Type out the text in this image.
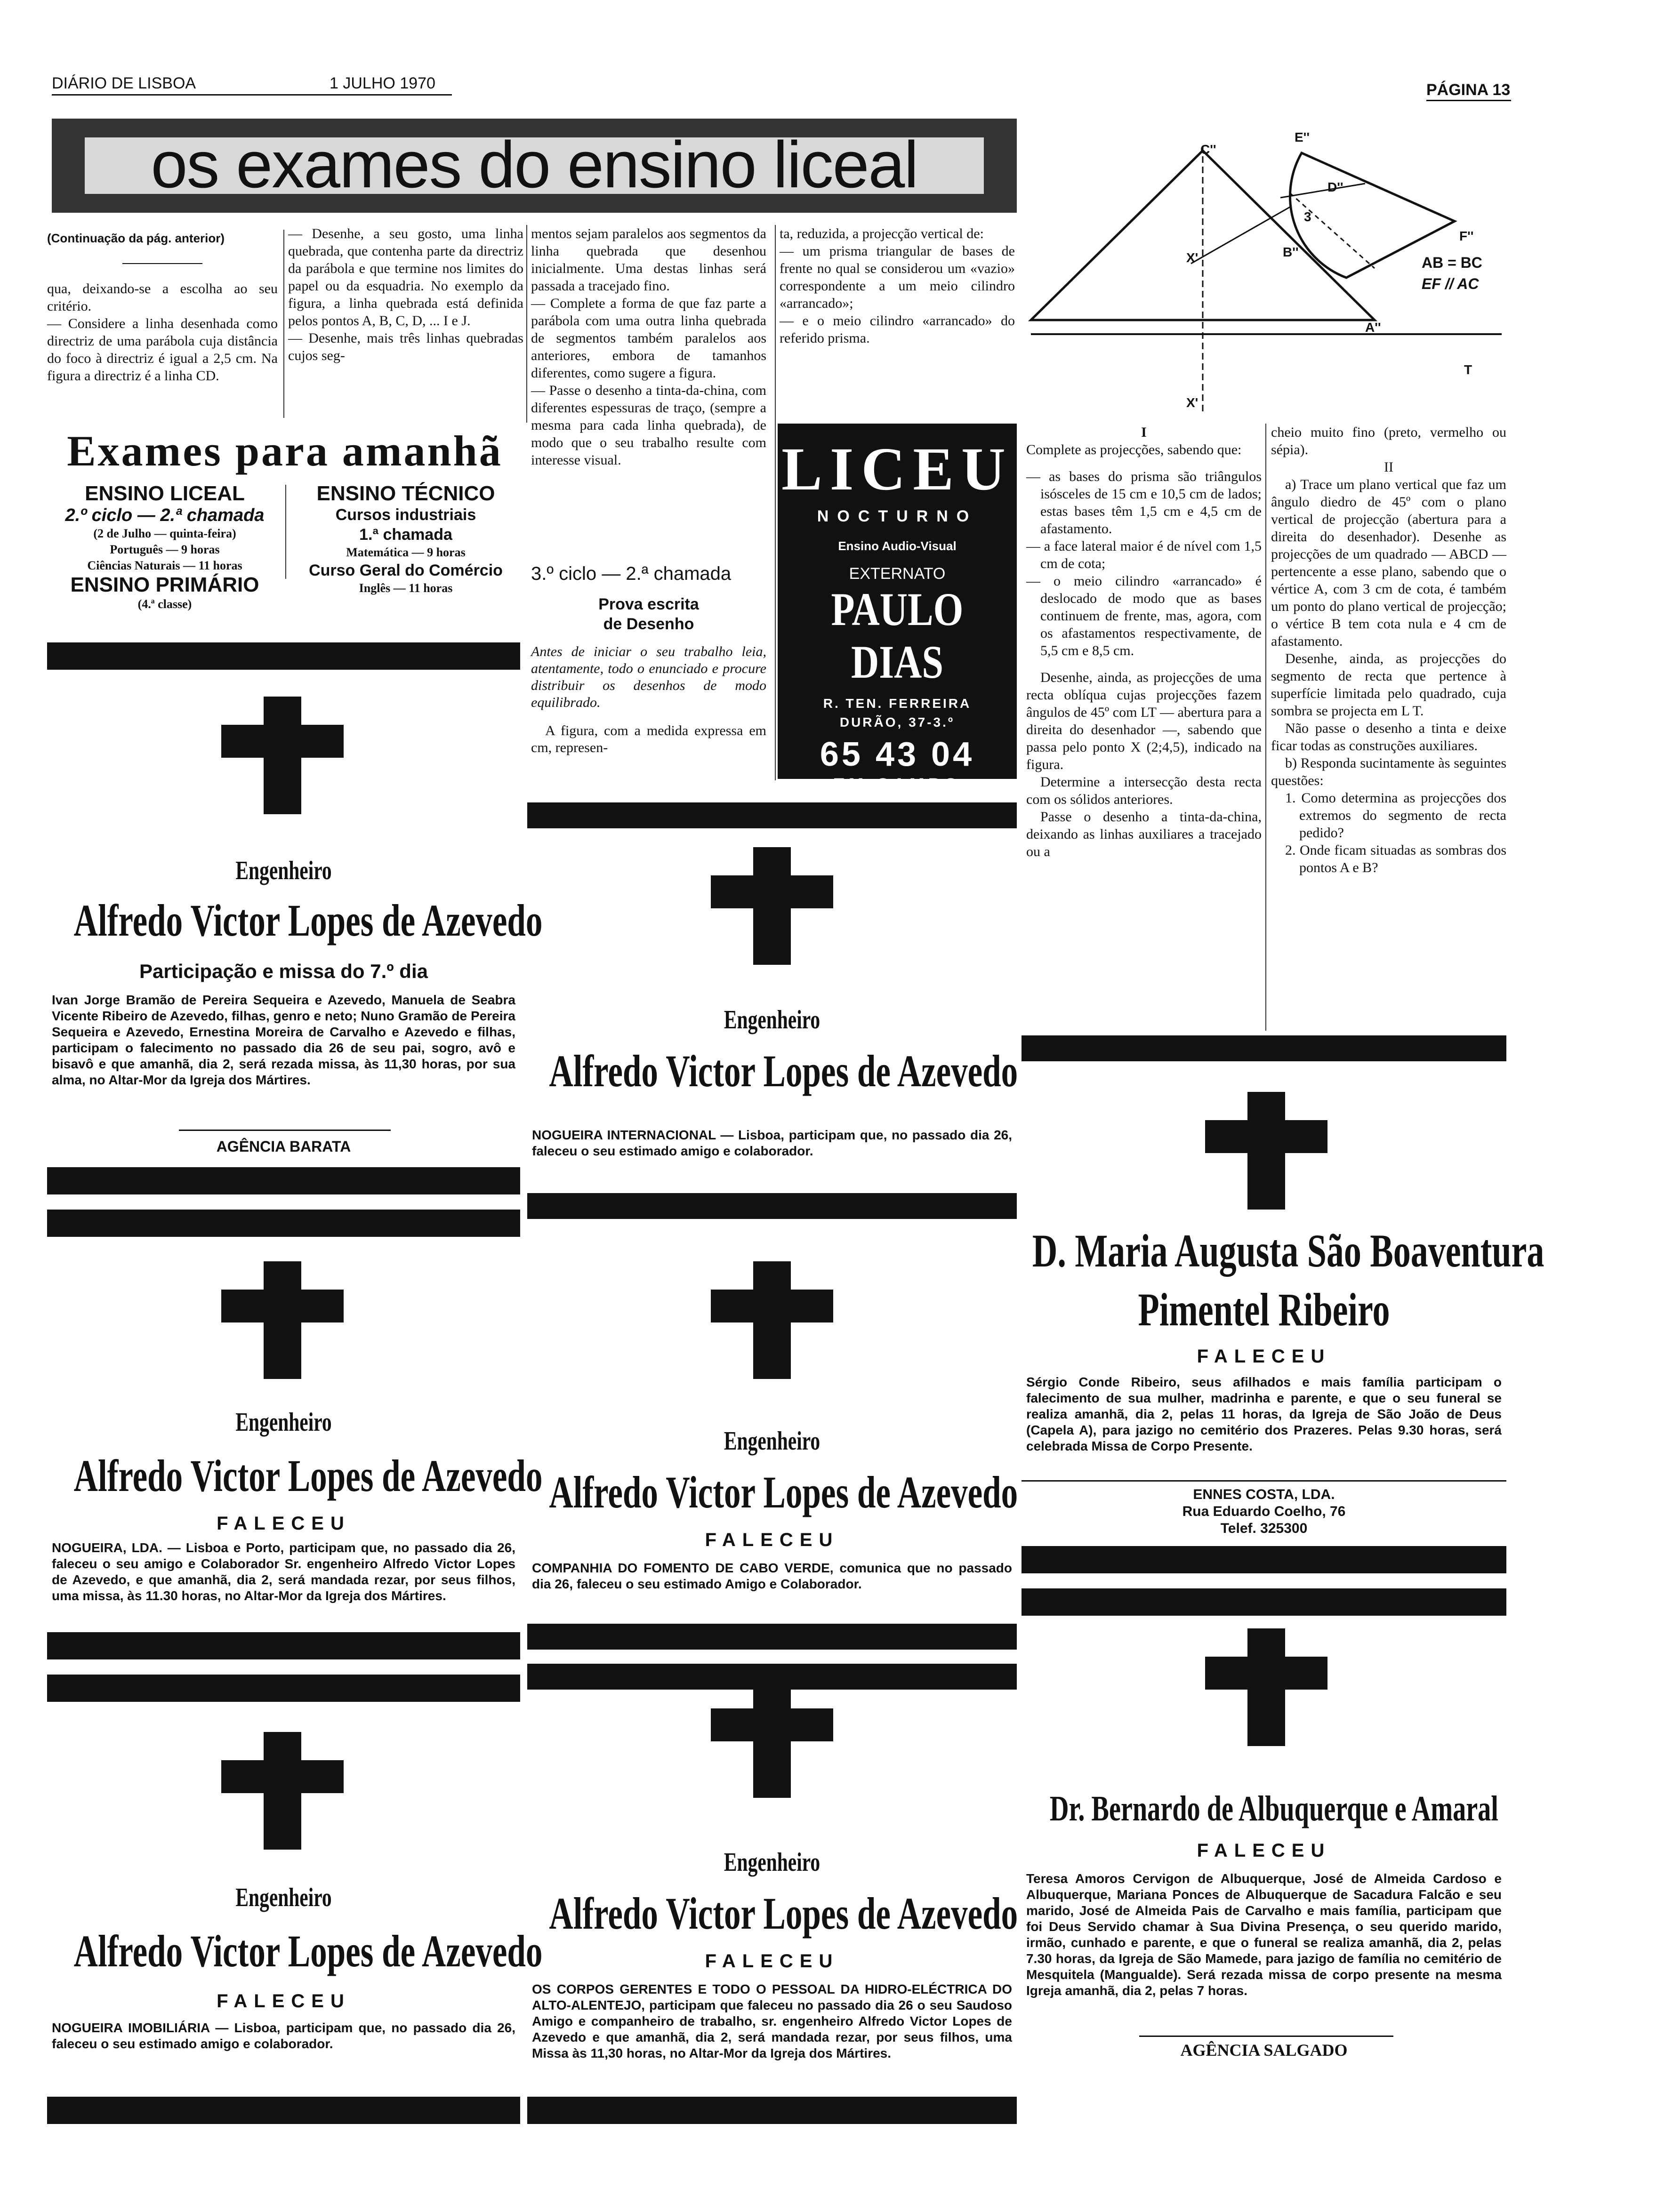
DIÁRIO DE LISBOA	1 JULHO 1970	PÁGINA 13
os exames do ensino liceal

(Continuação da pág. anterior)

qua, deixando-se a escolha ao seu critério.

— Considere a linha desenhada como directriz de uma parábola cuja distância do foco à directriz é igual a 2,5 cm. Na figura a directriz é a linha CD.

— Desenhe, a seu gosto, uma linha quebrada, que contenha parte da directriz da parábola e que termine nos limites do papel ou da esquadria. No exemplo da figura, a linha quebrada está definida pelos pontos A, B, C, D, ... I e J.

— Desenhe, mais três linhas quebradas cujos seg-

mentos sejam paralelos aos segmentos da linha quebrada que desenhou inicialmente. Uma destas linhas será passada a tracejado fino.

— Complete a forma de que faz parte a parábola com uma outra linha quebrada de segmentos também paralelos aos anteriores, embora de tamanhos diferentes, como sugere a figura.

— Passe o desenho a tinta-da-china, com diferentes espessuras de traço, (sempre a mesma para cada linha quebrada), de modo que o seu trabalho resulte com interesse visual.

ta, reduzida, a projecção vertical de:

— um prisma triangular de bases de frente no qual se considerou um «vazio» correspondente a um meio cilindro «arrancado»;

— e o meio cilindro «arrancado» do referido prisma.

Exames para amanhã
ENSINO LICEAL
2.º ciclo — 2.ª chamada
(2 de Julho — quinta-feira)
Português — 9 horas
Ciências Naturais — 11 horas
ENSINO PRIMÁRIO
(4.ª classe)
ENSINO TÉCNICO
Cursos industriais
1.ª chamada
Matemática — 9 horas
Curso Geral do Comércio
Inglês — 11 horas
3.º ciclo — 2.ª chamada
Prova escrita
de Desenho
Antes de iniciar o seu trabalho leia, atentamente, todo o enunciado e procure distribuir os desenhos de modo equilibrado.
A figura, com a medida expressa em cm, represen-
LICEU
NOCTURNO
Ensino Audio-Visual
EXTERNATO
PAULO DIAS
R. TEN. FERREIRA
DURÃO, 37-3.º
65 43 04
EM CAMPO
C''
E''
D''
F''
B''
A''
X'
X'
3
T
AB = BC
EF // AC

I

Complete as projecções, sabendo que:

— as bases do prisma são triângulos isósceles de 15 cm e 10,5 cm de lados; estas bases têm 1,5 cm e 4,5 cm de afastamento.

— a face lateral maior é de nível com 1,5 cm de cota;

— o meio cilindro «arrancado» é deslocado de modo que as bases continuem de frente, mas, agora, com os afastamentos respectivamente, de 5,5 cm e 8,5 cm.

Desenhe, ainda, as projecções de uma recta oblíqua cujas projecções fazem ângulos de 45º com LT — abertura para a direita do desenhador —, sabendo que passa pelo ponto X (2;4,5), indicado na figura.

Determine a intersecção desta recta com os sólidos anteriores.

Passe o desenho a tinta-da-china, deixando as linhas auxiliares a tracejado ou a

cheio muito fino (preto, vermelho ou sépia).

II

a) Trace um plano vertical que faz um ângulo diedro de 45º com o plano vertical de projecção (abertura para a direita do desenhador). Desenhe as projecções de um quadrado — ABCD — pertencente a esse plano, sabendo que o vértice A, com 3 cm de cota, é também um ponto do plano vertical de projecção; o vértice B tem cota nula e 4 cm de afastamento.

Desenhe, ainda, as projecções do segmento de recta que pertence à superfície limitada pelo quadrado, cuja sombra se projecta em L T.

Não passe o desenho a tinta e deixe ficar todas as construções auxiliares.

b) Responda sucintamente às seguintes questões:

1. Como determina as projecções dos extremos do segmento de recta pedido?

2. Onde ficam situadas as sombras dos pontos A e B?

Engenheiro
Alfredo Victor Lopes de Azevedo
Participação e missa do 7.º dia
Ivan Jorge Bramão de Pereira Sequeira e Azevedo, Manuela de Seabra Vicente Ribeiro de Azevedo, filhas, genro e neto; Nuno Gramão de Pereira Sequeira e Azevedo, Ernestina Moreira de Carvalho e Azevedo e filhas, participam o falecimento no passado dia 26 de seu pai, sogro, avô e bisavô e que amanhã, dia 2, será rezada missa, às 11,30 horas, por sua alma, no Altar-Mor da Igreja dos Mártires.
AGÊNCIA BARATA
Engenheiro
Alfredo Victor Lopes de Azevedo
FALECEU
NOGUEIRA, LDA. — Lisboa e Porto, participam que, no passado dia 26, faleceu o seu amigo e Colaborador Sr. engenheiro Alfredo Victor Lopes de Azevedo, e que amanhã, dia 2, será mandada rezar, por seus filhos, uma missa, às 11.30 horas, no Altar-Mor da Igreja dos Mártires.
Engenheiro
Alfredo Victor Lopes de Azevedo
FALECEU
NOGUEIRA IMOBILIÁRIA — Lisboa, participam que, no passado dia 26, faleceu o seu estimado amigo e colaborador.
Engenheiro
Alfredo Victor Lopes de Azevedo
NOGUEIRA INTERNACIONAL — Lisboa, participam que, no passado dia 26, faleceu o seu estimado amigo e colaborador.
Engenheiro
Alfredo Victor Lopes de Azevedo
FALECEU
COMPANHIA DO FOMENTO DE CABO VERDE, comunica que no passado dia 26, faleceu o seu estimado Amigo e Colaborador.
Engenheiro
Alfredo Victor Lopes de Azevedo
FALECEU
OS CORPOS GERENTES E TODO O PESSOAL DA HIDRO-ELÉCTRICA DO ALTO-ALENTEJO, participam que faleceu no passado dia 26 o seu Saudoso Amigo e companheiro de trabalho, sr. engenheiro Alfredo Victor Lopes de Azevedo e que amanhã, dia 2, será mandada rezar, por seus filhos, uma Missa às 11,30 horas, no Altar-Mor da Igreja dos Mártires.
D. Maria Augusta São Boaventura
Pimentel Ribeiro
FALECEU
Sérgio Conde Ribeiro, seus afilhados e mais família participam o falecimento de sua mulher, madrinha e parente, e que o seu funeral se realiza amanhã, dia 2, pelas 11 horas, da Igreja de São João de Deus (Capela A), para jazigo no cemitério dos Prazeres. Pelas 9.30 horas, será celebrada Missa de Corpo Presente.
ENNES COSTA, LDA.
Rua Eduardo Coelho, 76
Telef. 325300
Dr. Bernardo de Albuquerque e Amaral
FALECEU
Teresa Amoros Cervigon de Albuquerque, José de Almeida Cardoso e Albuquerque, Mariana Ponces de Albuquerque de Sacadura Falcão e seu marido, José de Almeida Pais de Carvalho e mais família, participam que foi Deus Servido chamar à Sua Divina Presença, o seu querido marido, irmão, cunhado e parente, e que o funeral se realiza amanhã, dia 2, pelas 7.30 horas, da Igreja de São Mamede, para jazigo de família no cemitério de Mesquitela (Mangualde). Será rezada missa de corpo presente na mesma Igreja amanhã, dia 2, pelas 7 horas.
AGÊNCIA SALGADO
